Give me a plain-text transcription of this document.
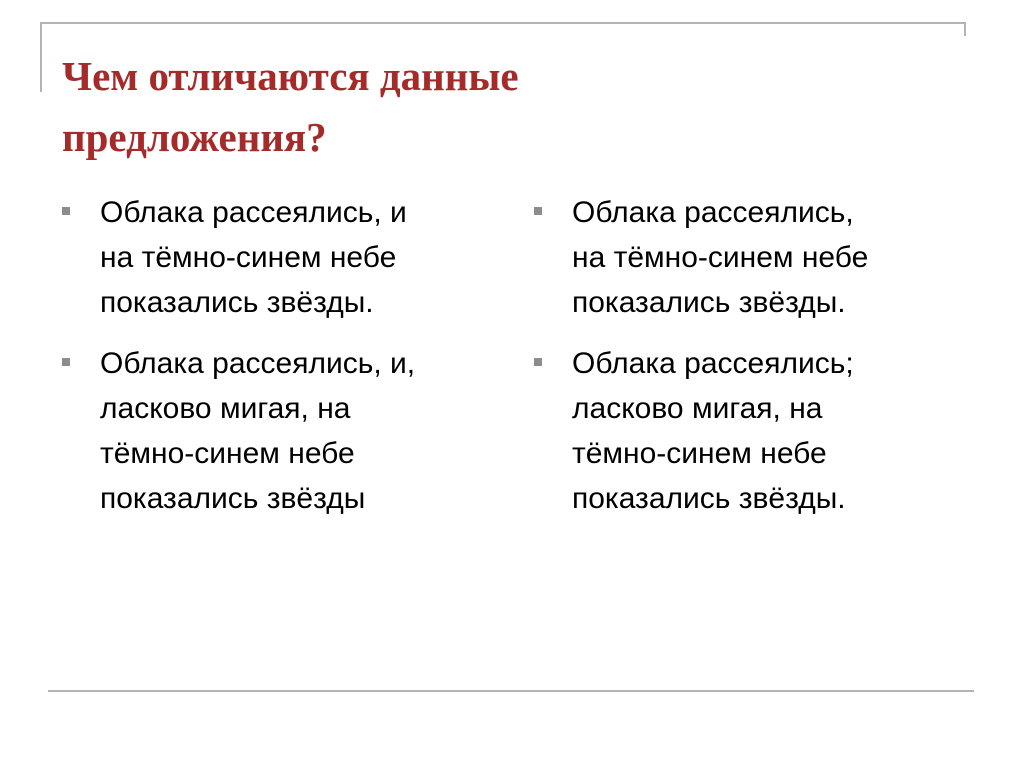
Чем отличаются данные
предложения?
Облака рассеялись, и
на тёмно-синем небе
показались звёзды.
Облака рассеялись, и,
ласково мигая, на
тёмно-синем небе
показались звёзды
Облака рассеялись,
на тёмно-синем небе
показались звёзды.
Облака рассеялись;
ласково мигая, на
тёмно-синем небе
показались звёзды.
